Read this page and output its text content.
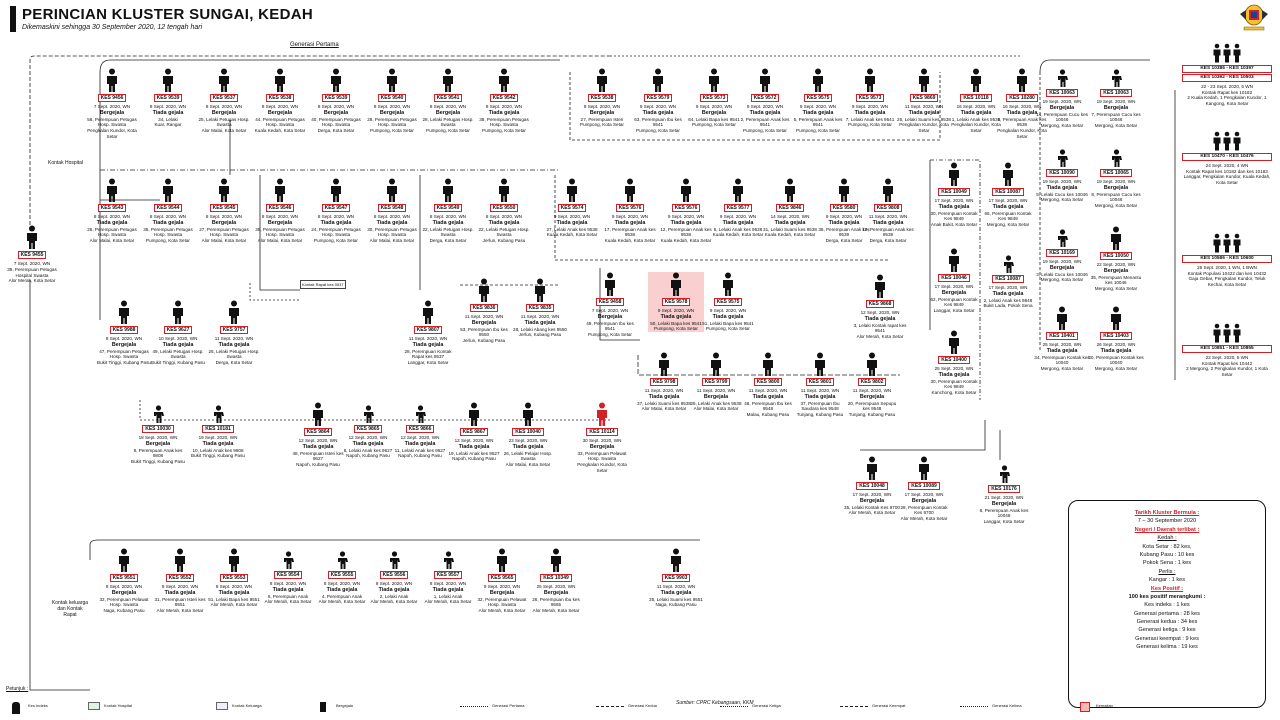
PERINCIAN KLUSTER SUNGAI, KEDAH
Dikemaskini sehingga 30 September 2020, 12 tengah hari
Generasi Pertama
Kontak Hospital
Kontak keluarga dan Kontak Rapat
Kontak Rapat kes 9537
KES 9455
7 Sept. 2020, WN
39, Perempuan Petugas Hospital Swasta
Alor Merah, Kota Setar
KES 9456
7 Sept. 2020, WN
Bergejala
56, Perempuan Petugas Hosp. Swasta
Pengkalan Kundor, Kota Setar
KES 9539
8 Sept. 2020, WN
Tiada gejala
34, Lelaki
Kuar, Rangar
KES 9537
8 Sept. 2020, WN
Bergejala
25, Lelaki Petugas Hosp. Swasta
Alor Malai, Kota Setar
KES 9538
8 Sept. 2020, WN
Bergejala
44, Perempuan Petugas Hosp. Swasta
Kuala Kedah, Kota Setar
KES 9539
8 Sept. 2020, WN
Bergejala
40, Perempuan Petugas Hosp. Swasta
Derga, Kota Setar
KES 9540
8 Sept. 2020, WN
Bergejala
28, Perempuan Petugas Hosp. Swasta
Pumpong, Kota Setar
KES 9541
8 Sept. 2020, WN
Bergejala
28, Lelaki Petugas Hosp. Swasta
Pumpong, Kota Setar
KES 9542
8 Sept. 2020, WN
Tiada gejala
38, Perempuan Petugas Hosp. Swasta
Pumpong, Kota Setar
KES 9538
8 Sept. 2020, WN
Bergejala
27, Perempuan Isteri
Pumpong, Kota Setar
KES 9579
9 Sept. 2020, WN
Tiada gejala
63, Perempuan Ibu kes 9541
Pumpong, Kota Setar
KES 9573
9 Sept. 2020, WN
Bergejala
64, Lelaki Bapa kes 9541
Pumpong, Kota Setar
KES 9572
9 Sept. 2020, WN
Tiada gejala
2, Perempuan Anak kes 9541
Pumpong, Kota Setar
KES 9575
9 Sept. 2020, WN
Tiada gejala
5, Perempuan Anak kes 9541
Pumpong, Kota Setar
KES 9573
9 Sept. 2020, WN
Tiada gejala
7, Lelaki Anak kes 9541
Pumpong, Kota Setar
KES 9869
11 Sept. 2020, WN
Tiada gejala
26, Lelaki Suami kes 9538
Pengkalan Kundor, Kota Setar
KES 10118
16 Sept. 2020, WN
Tiada gejala
1, Lelaki Anak kes 9538
Pengkalan Kundor, Kota Setar
KES 10280
16 Sept. 2020, WN
Tiada gejala
5, Perempuan Anak kes 9538
Pengkalan Kundor, Kota Setar
KES 9543
8 Sept. 2020, WN
Tiada gejala
26, Perempuan Petugas Hosp. Swasta
Alor Malai, Kota Setar
KES 9544
8 Sept. 2020, WN
Tiada gejala
36, Perempuan Petugas Hosp. Swasta
Pumpong, Kota Setar
KES 9545
8 Sept. 2020, WN
Bergejala
27, Perempuan Petugas Hosp. Swasta
Alor Malai, Kota Setar
KES 9546
8 Sept. 2020, WN
Bergejala
35, Perempuan Petugas Hosp. Swasta
Alor Malai, Kota Setar
KES 9547
8 Sept. 2020, WN
Tiada gejala
24, Perempuan Petugas Hosp. Swasta
Pumpong, Kota Setar
KES 9548
8 Sept. 2020, WN
Tiada gejala
30, Perempuan Petugas Hosp. Swasta
Alor Malai, Kota Setar
KES 9549
8 Sept. 2020, WN
Tiada gejala
22, Lelaki Petugas Hosp. Swasta
Derga, Kota Setar
KES 9550
8 Sept. 2020, WN
Tiada gejala
22, Lelaki Petugas Hosp. Swasta
Jerlun, Kubang Pasu
KES 9574
9 Sept. 2020, WN
Tiada gejala
27, Lelaki Anak kes 9538
Kuala Kedah, Kota Setar
KES 9576
9 Sept. 2020, WN
Tiada gejala
17, Perempuan Anak kes 9538
Kuala Kedah, Kota Setar
KES 9576
9 Sept. 2020, WN
Tiada gejala
12, Perempuan Anak kes 9538
Kuala Kedah, Kota Setar
KES 9577
9 Sept. 2020, WN
Tiada gejala
6, Lelaki Anak kes 9538
Kuala Kedah, Kota Setar
KES 9846
14 Sept. 2020, WN
Tiada gejala
31, Lelaki Suami kes 9538
Kuala Kedah, Kota Setar
KES 9580
9 Sept. 2020, WN
Tiada gejala
38, Perempuan Anak kes 9539
Derga, Kota Setar
KES 9808
11 Sept. 2020, WN
Tiada gejala
10, Perempuan Anak kes 9539
Derga, Kota Setar
KES 9988
8 Sept. 2020, WN
Bergejala
47, Perempuan Petugas Hosp. Swasta
Bukit Tinggi, Kubang Pasu
KES 9627
10 Sept. 2020, WN
Tiada gejala
49, Lelaki Petugas Hosp. Swasta
Bukit Tinggi, Kubang Pasu
KES 9757
11 Sept. 2020, WN
Tiada gejala
26, Lelaki Petugas Hosp. Swasta
Derga, Kota Setar
KES 9807
11 Sept. 2020, WN
Tiada gejala
28, Perempuan Kontak Rapat kes 9537
Langgar, Kota Setar
KES 9836
11 Sept. 2020, WN
Bergejala
53, Perempuan Ibu kes 9550
Jerlun, Kubang Pasu
KES 9835
11 Sept. 2020, WN
Tiada gejala
28, Lelaki Abang kes 9550
Jerlun, Kubang Pasu
KES 9458
7 Sept. 2020, WN
Bergejala
49, Perempuan Ibu kes 9541
Pumpong, Kota Setar
KES 9578
9 Sept. 2020, WN
Tiada gejala
50, Lelaki Bapa kes 9541
Pumpong, Kota Setar
KES 9575
9 Sept. 2020, WN
Tiada gejala
51, Lelaki Bapa kes 9541
Pumpong, Kota Setar
KES 9868
12 Sept. 2020, WN
Tiada gejala
3, Lelaki Kontak rapat kes 9541
Alor Merah, Kota Setar
KES 9798
11 Sept. 2020, WN
Tiada gejala
37, Lelaki Suami kes 9538
Alor Malai, Kota Setar
KES 9799
11 Sept. 2020, WN
Bergejala
25, Lelaki Anak kes 9538
Alor Malai, Kota Setar
KES 9800
11 Sept. 2020, WN
Tiada gejala
48, Perempuan Ibu kes 9548
Malau, Kubang Pasu
KES 9801
11 Sept. 2020, WN
Tiada gejala
37, Perempuan Ibu Saudara kes 9548
Tunjang, Kubang Pasu
KES 9802
11 Sept. 2020, WN
Bergejala
20, Perempuan Sepupu kes 9548
Tunjang, Kubang Pasu
KES 10030
18 Sept. 2020, WN
Bergejala
8, Perempuan Anak kes 9808
Bukit Tinggi, Kubang Pasu
KES 10181
19 Sept. 2020, WN
Tiada gejala
10, Lelaki Anak kes 9808
Bukit Tinggi, Kubang Pasu
KES 9864
12 Sept. 2020, WN
Tiada gejala
48, Perempuan Isteri kes 9627
Napoh, Kubang Pasu
KES 9865
12 Sept. 2020, WN
Tiada gejala
8, Lelaki Anak kes 9627
Napoh, Kubang Pasu
KES 9866
12 Sept. 2020, WN
Tiada gejala
11, Lelaki Anak kes 9627
Napoh, Kubang Pasu
KES 9867
12 Sept. 2020, WN
Tiada gejala
19, Lelaki Anak kes 9627
Napoh, Kubang Pasu
KES 10040
23 Sept. 2020, WN
Tiada gejala
26, Lelaki Pelajar Hosp. Swasta
Alor Malai, Kota Setar
KES 10114
30 Sept. 2020, WN
Bergejala
33, Perempuan Pelawat Hosp. Swasta
Pengkalan Kundor, Kota Setar
KES 10049
17 Sept. 2020, WN
Tiada gejala
30, Perempuan Kontak Kes 9849
Anak Bukit, Kota Setar
KES 10087
17 Sept. 2020, WN
Tiada gejala
66, Perempuan Kontak Kes 9849
Mergong, Kota Setar
KES 10046
17 Sept. 2020, WN
Bergejala
62, Perempuan Kontak Kes 9849
Langgar, Kota Setar
KES 10087
17 Sept. 2020, WN
Tiada gejala
2, Lelaki Anak kes 9848
Bukit Lada, Pokok Sena
KES 10400
25 Sept. 2020, WN
Tiada gejala
30, Perempuan Kontak Kes 9849
Kanchong, Kota Setar
KES 10048
17 Sept. 2020, WN
Bergejala
35, Lelaki Kontak Kes 9700
Alor Merah, Kota Setar
KES 10089
17 Sept. 2020, WN
Bergejala
28, Perempuan Kontak Kes 9700
Alor Merah, Kota Setar
KES 10176
21 Sept. 2020, WN
Bergejala
8, Perempuan Anak kes 10048
Langgar, Kota Setar
KES 10063
19 Sept. 2020, WN
Bergejala
14, Perempuan Cucu kes 10046
Mergong, Kota Setar
KES 10063
19 Sept. 2020, WN
Bergejala
7, Perempuan Cucu kes 10046
Mergong, Kota Setar
KES 10090
19 Sept. 2020, WN
Tiada gejala
5, Lelaki Cucu kes 10046
Mergong, Kota Setar
KES 10065
19 Sept. 2020, WN
Bergejala
8, Perempuan Cucu kes 10046
Mergong, Kota Setar
KES 10169
19 Sept. 2020, WN
Bergejala
3, Lelaki Cucu kes 10046
Mergong, Kota Setar
KES 10050
22 Sept. 2020, WN
Bergejala
35, Perempuan Menantu kes 10046
Mergong, Kota Setar
KES 10401
25 Sept. 2020, WN
Tiada gejala
34, Perempuan Kontak kes 10040
Mergong, Kota Setar
KES 10403
26 Sept. 2020, WN
Tiada gejala
30, Perempuan Kontak kes 10040
Mergong, Kota Setar
KES 10386 - KES 10397
KES 10392 - KES 10503
22 - 23 Sept. 2020, 5 WN
Kontak Rapat kes 10182
2 Kuala Kedah, 1 Pengkalan Kundor, 1 Kangong, Kota Setar
KES 10470 - KES 10476
24 Sept. 2020, 4 WN
Kontak Rapat kes 10182 dan kes 10183
Langgar, Pengkalan Kundor, Kuala Kedah, Kota Setar
KES 10586 - KES 10600
25 Sept. 2020, 1 WN, 1 BWN
Kontak Populasi 10422 dan kes 10432
Gaja Gebar, Pengkalan Kundor, Teluk Kechai, Kota Setar
KES 10851 - KES 10855
22 Sept. 2020, 5 WN
Kontak Rapat kes 10442
2 Mergong, 2 Pengkalan Kundor, 1 Kota Setar
KES 9551
8 Sept. 2020, WN
Bergejala
32, Perempuan Pelawat Hosp. Swasta
Naga, Kubang Pasu
KES 9552
8 Sept. 2020, WN
Tiada gejala
31, Perempuan Isteri kes 9551
Alor Merah, Kota Setar
KES 9553
8 Sept. 2020, WN
Tiada gejala
51, Lelaki Bapa kes 9551
Alor Merah, Kota Setar
KES 9554
8 Sept. 2020, WN
Tiada gejala
6, Perempuan Anak
Alor Merah, Kota Setar
KES 9555
8 Sept. 2020, WN
Tiada gejala
4, Perempuan Anak
Alor Merah, Kota Setar
KES 9556
8 Sept. 2020, WN
Tiada gejala
2, Lelaki Anak
Alor Merah, Kota Setar
KES 9557
8 Sept. 2020, WN
Tiada gejala
1, Lelaki Anak
Alor Merah, Kota Setar
KES 9565
9 Sept. 2020, WN
Bergejala
32, Perempuan Pelawat Hosp. Swasta
Alor Merah, Kota Setar
KES 10349
25 Sept. 2020, WN
Bergejala
26, Perempuan Ibu kes 9565
Alor Merah, Kota Setar
KES 9903
11 Sept. 2020, WN
Tiada gejala
35, Lelaki Suami kes 9551
Naga, Kubang Pasu
Tarikh Kluster Bermula :
7 – 30 September 2020
Negeri / Daerah terlibat :
Kedah :
Kota Setar : 82 kes,
Kubang Pasu : 10 kes
Pokok Sena : 1 kes
Perlis :
Kangar : 1 kes
Kes Positif :
100 kes positif merangkumi :
Kes indeks : 1 kes
Generasi pertama : 28 kes
Generasi kedua : 34 kes
Generasi ketiga : 9 kes
Generasi keempat : 9 kes
Generasi kelima : 19 kes
Sumber: CPRC Kebangsaan, KKM
Petunjuk :
Kes Indeks	Kontak Hospital	Kontak Keluarga	Bergejala	Generasi Pertama	Generasi Kedua	Generasi Ketiga	Generasi Keempat	Generasi Kelima	Kematian
